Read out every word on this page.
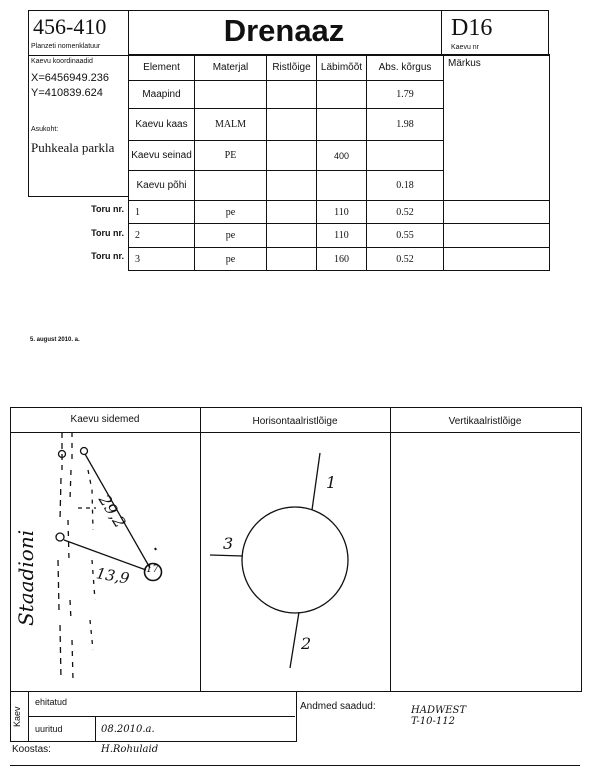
456-410
Planzeti nomenklatuur	Drenaaz	D16
Kaevu nr
Kaevu koordinaadid
X=6456949.236
Y=410839.624
Asukoht:
Puhkeala parkla
Element	Materjal	Ristlõige	Läbimõõt	Abs. kõrgus	Märkus
Maapind				1.79	
Kaevu kaas	MALM			1.98	
Kaevu seinad	PE		400		
Kaevu põhi				0.18	
1	pe		110	0.52	
2	pe		110	0.55	
3	pe		160	0.52	
Toru nr.
Toru nr.
Toru nr.
5. august 2010. a.
Kaevu sidemed	Horisontaalristlõige	Vertikaalristlõige
29,2
13,9 17
Staadioni
1
2
3
Kaev
ehitatud
uuritud	08.2010.a.
Andmed saadud:	HADWEST
T-10-112
Koostas:	H.Rohulaid
